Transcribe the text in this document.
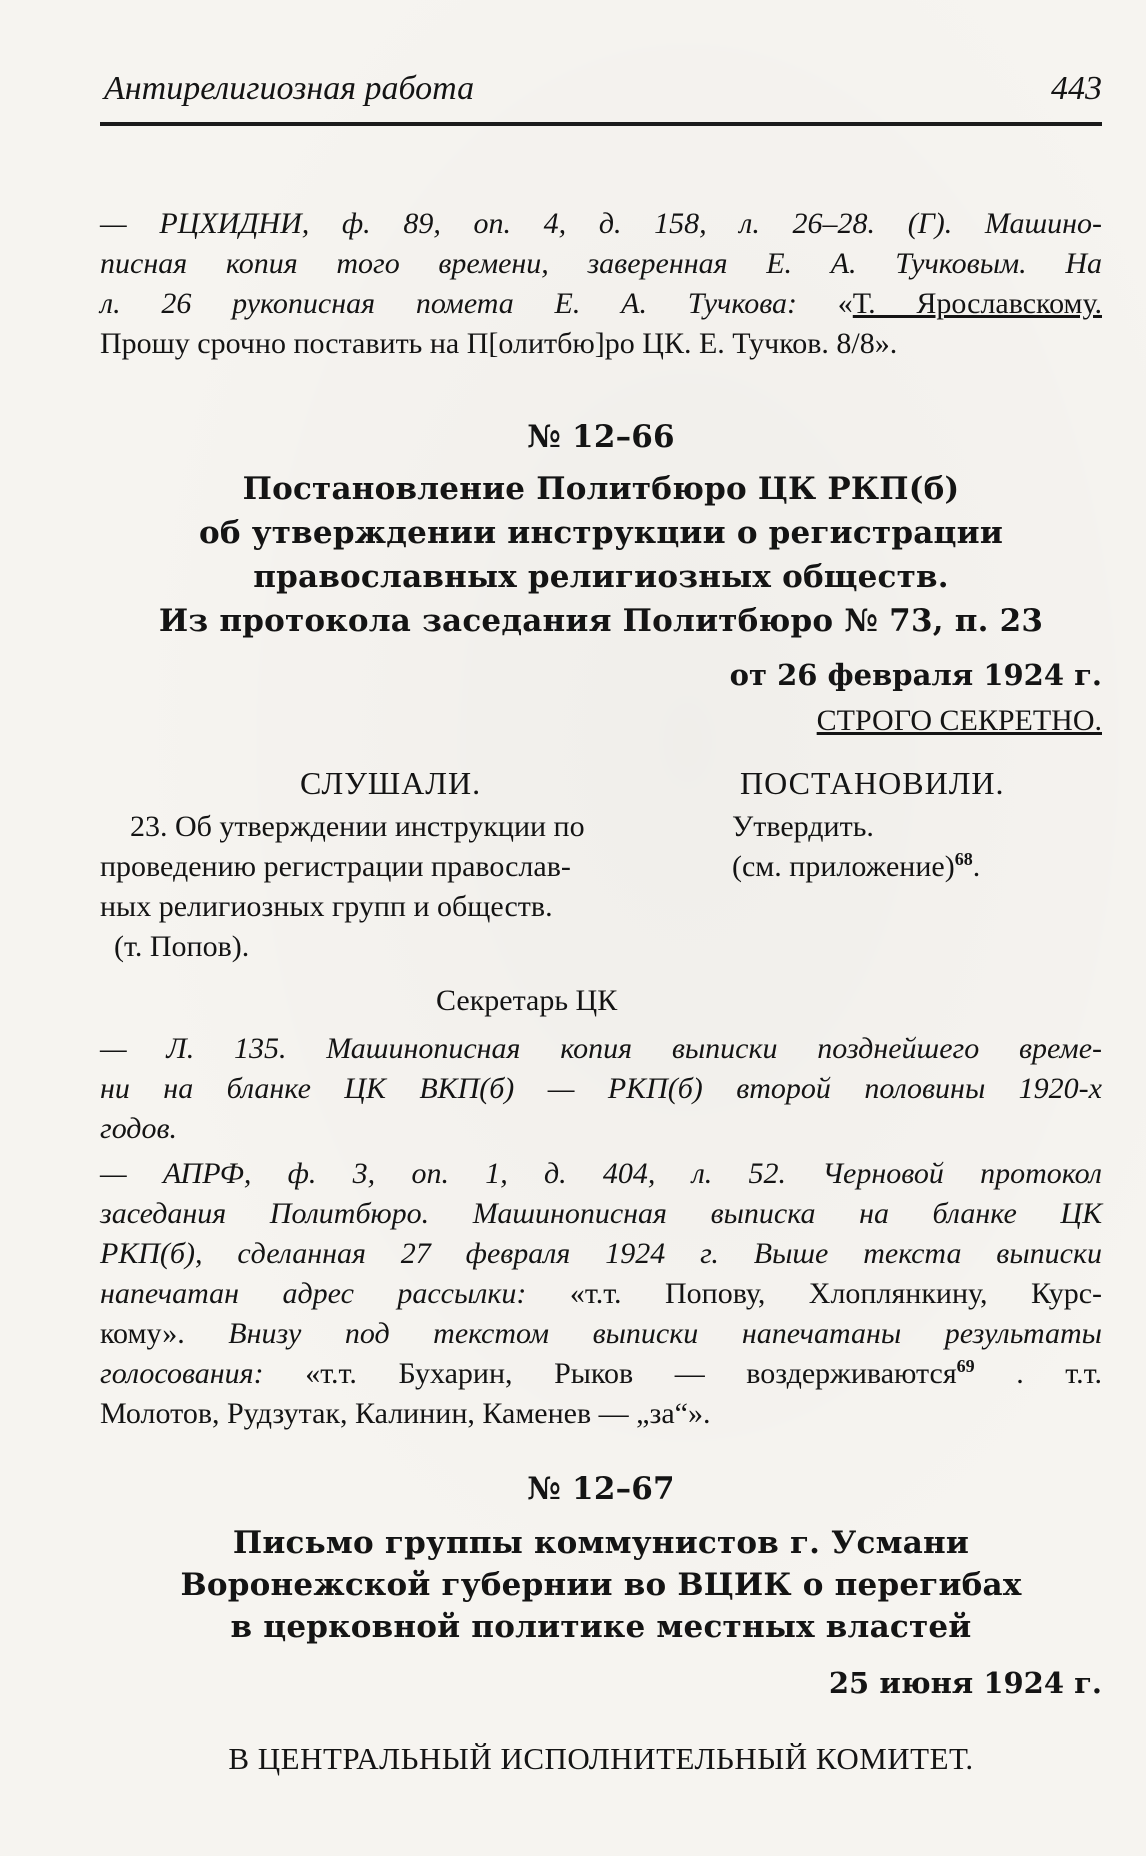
Антирелигиозная работа	443
— РЦХИДНИ, ф. 89, оп. 4, д. 158, л. 26–28. (Г). Машино-
писная копия того времени, заверенная Е. А. Тучковым. На
л. 26 рукописная помета Е. А. Тучкова: «Т. Ярославскому.
Прошу срочно поставить на П[олитбю]ро ЦК. Е. Тучков. 8/8».
№ 12–66
Постановление Политбюро ЦК РКП(б)
об утверждении инструкции о регистрации
православных религиозных обществ.
Из протокола заседания Политбюро № 73, п. 23
от 26 февраля 1924 г.
СТРОГО СЕКРЕТНО.
СЛУШАЛИ.	ПОСТАНОВИЛИ.
23. Об утверждении инструкции по
проведению регистрации православ-
ных религиозных групп и обществ.
(т. Попов).
Утвердить.
(см. приложение)$^{68}$.
Секретарь ЦК
— Л. 135. Машинописная копия выписки позднейшего време-
ни на бланке ЦК ВКП(б) — РКП(б) второй половины 1920-х
годов.
— АПРФ, ф. 3, оп. 1, д. 404, л. 52. Черновой протокол
заседания Политбюро. Машинописная выписка на бланке ЦК
РКП(б), сделанная 27 февраля 1924 г. Выше текста выписки
напечатан адрес рассылки: «т.т. Попову, Хлоплянкину, Курс-
кому». Внизу под текстом выписки напечатаны результаты
голосования: «т.т. Бухарин, Рыков — воздерживаются$^{69}$ . т.т.
Молотов, Рудзутак, Калинин, Каменев — „за“».
№ 12–67
Письмо группы коммунистов г. Усмани
Воронежской губернии во ВЦИК о перегибах
в церковной политике местных властей
25 июня 1924 г.
В ЦЕНТРАЛЬНЫЙ ИСПОЛНИТЕЛЬНЫЙ КОМИТЕТ.
